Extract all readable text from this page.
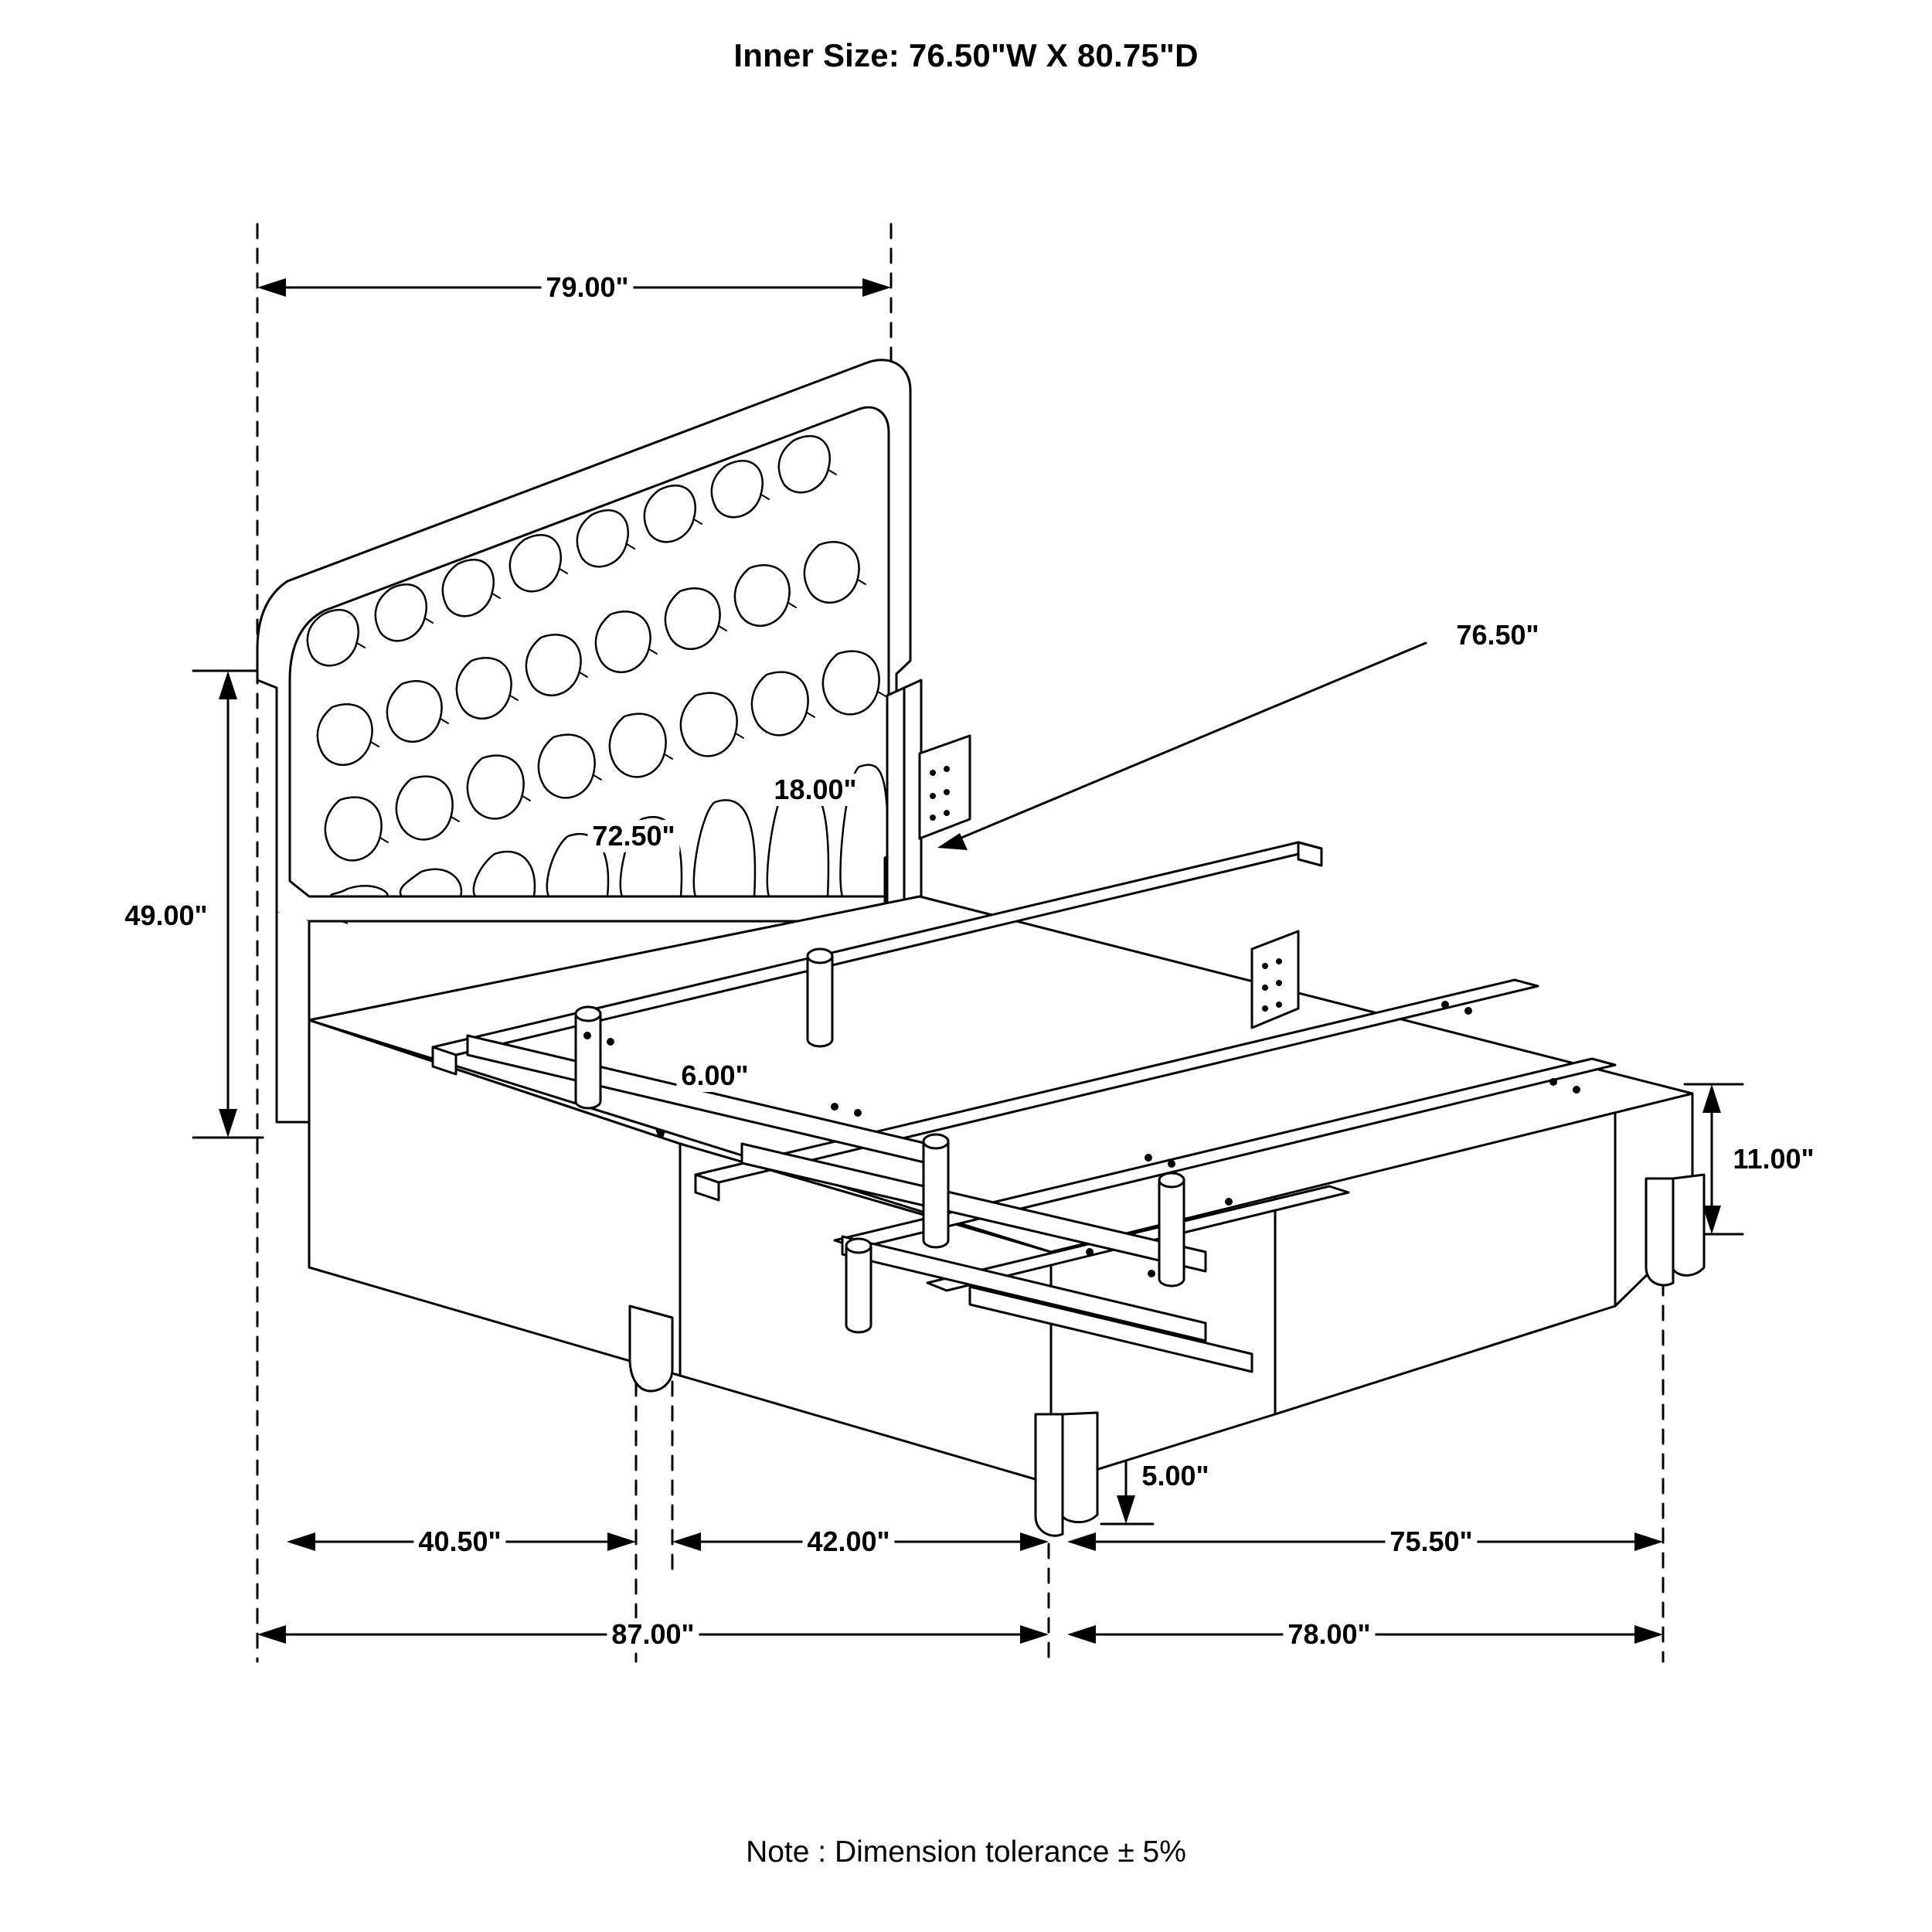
Inner Size: 76.50"W X 80.75"D
79.00"
49.00"
72.50"
18.00"
76.50"
6.00"
11.00"
5.00"
40.50"	42.00"	75.50"
87.00"	78.00"
Note : Dimension tolerance ± 5%
